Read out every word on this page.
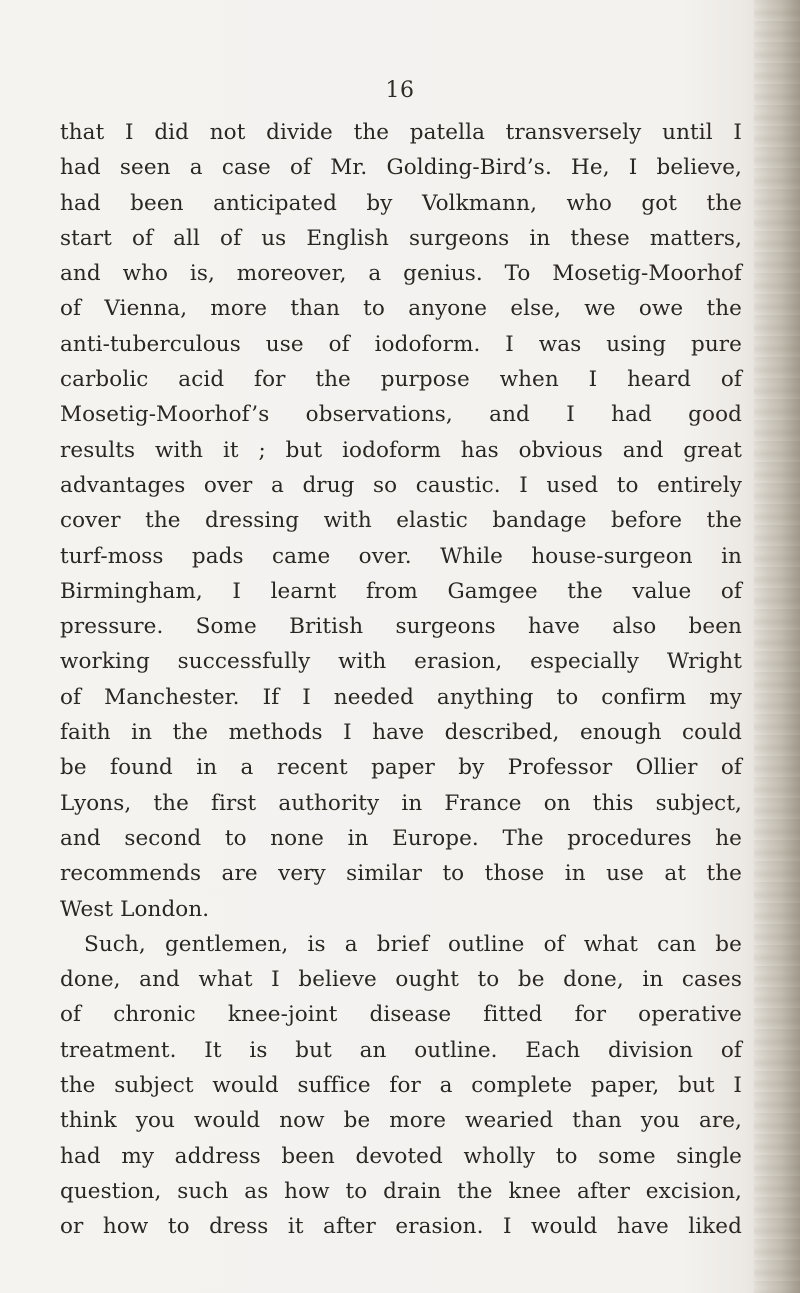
16
that I did not divide the patella transversely until I
had seen a case of Mr. Golding-Bird’s. He, I believe,
had been anticipated by Volkmann, who got the
start of all of us English surgeons in these matters,
and who is, moreover, a genius. To Mosetig-Moorhof
of Vienna, more than to anyone else, we owe the
anti-tuberculous use of iodoform. I was using pure
carbolic acid for the purpose when I heard of
Mosetig-Moorhof’s observations, and I had good
results with it ; but iodoform has obvious and great
advantages over a drug so caustic. I used to entirely
cover the dressing with elastic bandage before the
turf-moss pads came over. While house-surgeon in
Birmingham, I learnt from Gamgee the value of
pressure. Some British surgeons have also been
working successfully with erasion, especially Wright
of Manchester. If I needed anything to confirm my
faith in the methods I have described, enough could
be found in a recent paper by Professor Ollier of
Lyons, the first authority in France on this subject,
and second to none in Europe. The procedures he
recommends are very similar to those in use at the
West London.
Such, gentlemen, is a brief outline of what can be
done, and what I believe ought to be done, in cases
of chronic knee-joint disease fitted for operative
treatment. It is but an outline. Each division of
the subject would suffice for a complete paper, but I
think you would now be more wearied than you are,
had my address been devoted wholly to some single
question, such as how to drain the knee after excision,
or how to dress it after erasion. I would have liked
